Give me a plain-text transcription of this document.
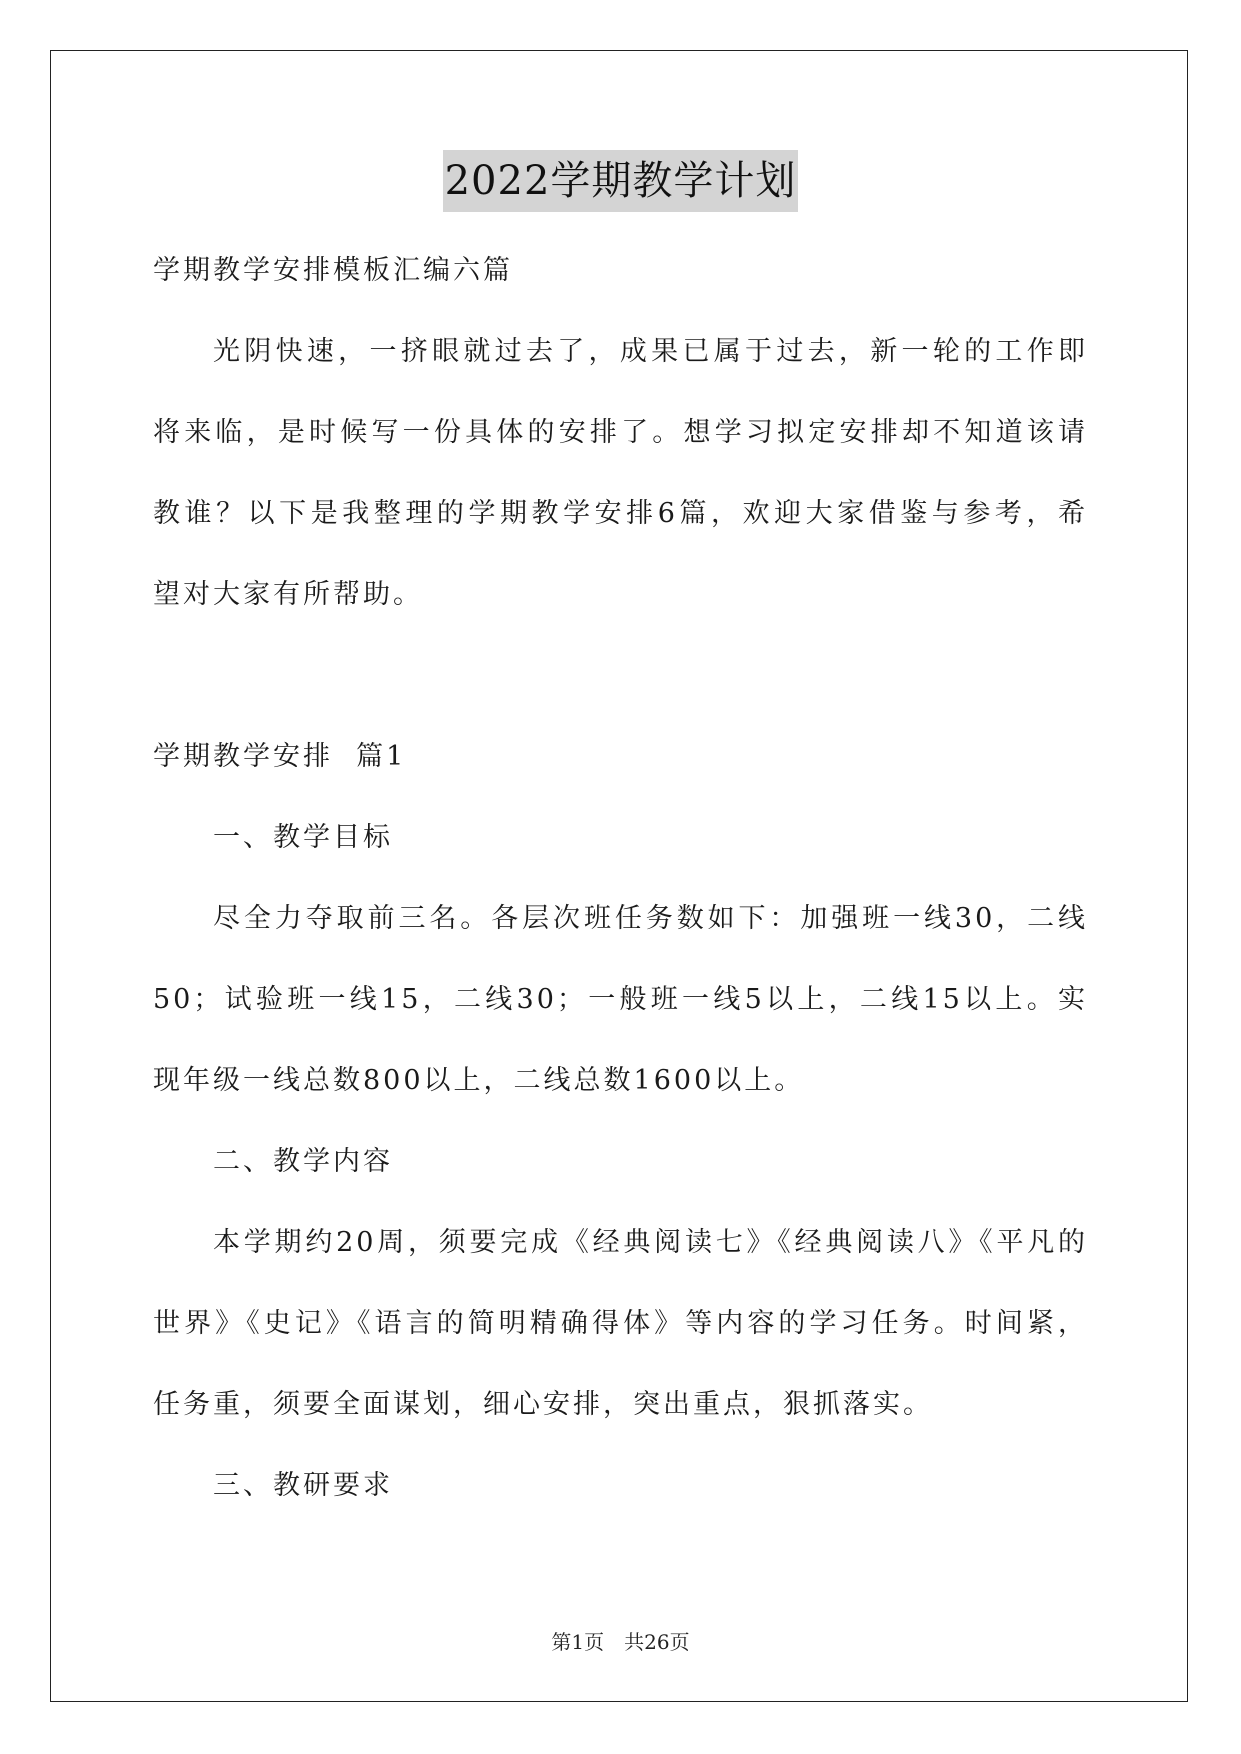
2022学期教学计划
学期教学安排模板汇编六篇
光阴快速，一挤眼就过去了，成果已属于过去，新一轮的工作即
将来临，是时候写一份具体的安排了。想学习拟定安排却不知道该请
教谁？以下是我整理的学期教学安排6篇，欢迎大家借鉴与参考，希
望对大家有所帮助。
学期教学安排  篇1
一、教学目标
尽全力夺取前三名。各层次班任务数如下：加强班一线30，二线
50；试验班一线15，二线30；一般班一线5以上，二线15以上。实
现年级一线总数800以上，二线总数1600以上。
二、教学内容
本学期约20周，须要完成《经典阅读七》《经典阅读八》《平凡的
世界》《史记》《语言的简明精确得体》等内容的学习任务。时间紧，
任务重，须要全面谋划，细心安排，突出重点，狠抓落实。
三、教研要求
第1页 共26页
